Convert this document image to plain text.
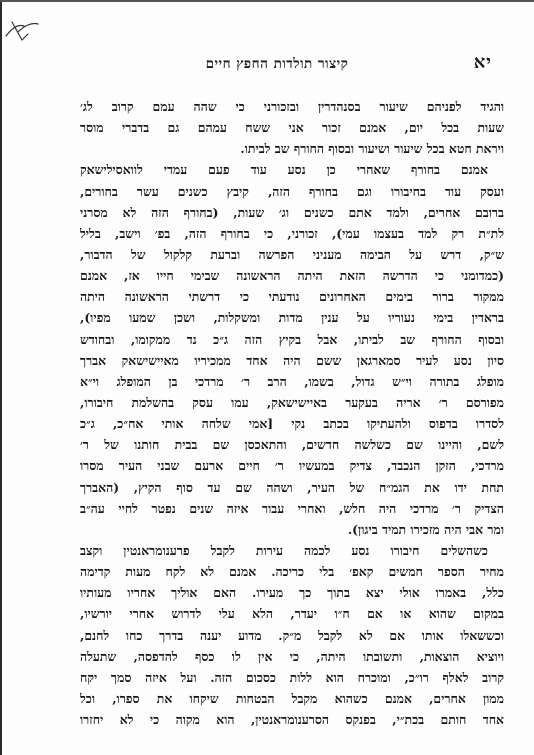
יא
קיצור תולדות החפץ חיים
והגיד לפניהם שיעור בסנהדרין ובזכורני כי שהה עמם קרוב לג׳
שעות בכל יום, אמנם זכור אני ששח עמהם גם בדברי מוסר
ויראת חטא בכל שיעור ושיעור ובסוף החורף שב לביתו.
אמנם בחורף שאחרי כן נסע עוד פעם עמדי לוואסילישאק
ועסק עוד בחיבורו וגם בחורף הזה, קיבץ כשנים עשר בחורים,
ברובם אחרים, ולמד אתם כשנים וג׳ שעות, (בחורף הזה לא מסרני
לת״ת רק למד בעצמו עמי), זכורני, כי בחורף הזה, בפ׳ וישב, בליל
ש״ק, דרש על הבימה מעניני הפרשה וברעת קלקול של הדבור,
(כמדומני כי הדרשה הזאת היתה הראשונה שבימי חייו אז, אמנם
ממקור ברור בימים האחרונים נודעתי כי דרשתי הראשונה היתה
בראדין בימי נעוריו על ענין מדות ומשקלות, ושכן שמעו מפיו),
ובסוף החורף שב לביתו, אבל בקיץ הזה ג״כ נד ממקומו, ובחודש
סיון נסע לעיר סמארגאן ששם היה אחד ממכיריו מאיישישאק אברך
מופלג בתורה וי״ש גדול, בשמו, הרב ר׳ מרדכי בן המופלג וי״א
מפורסם ר׳ אריה בעקער באיישישאק, עמו עסק בהשלמת חיבורו,
לסדרו בדפוס ולהעתיקו בכתב נקי [אמי שלחה אותי אח״כ, ג״כ
לשם, והיינו שם כשלשה חדשים, והתאכסן שם בבית חותנו של ר׳
מרדכי, הזקן הנכבד, צדיק במעשיו ר׳ חיים ארעם שבני העיר מסרו
תחת ידו את הגמ״ח של העיר, ושהה שם עד סוף הקיץ, (האברך
הצדיק ר׳ מרדכי היה חלש, ואחרי עבור איזה שנים נפטר לחיי עה״ב
ומר אבי היה מזכירו תמיד ביגון).
כשהשלים חיבורו נסע לכמה עירות לקבל פרענומראנטין וקצב
מחיר הספר חמשים קאפ׳ בלי כריכה. אמנם לא לקח מעות קדימה
כלל, באמרו אולי יצא בתוך כך מעירו. האם אוליך אחריו מעותיו
במקום שהוא או אם ח״ו יעדר, הלא עלי לדרוש אחרי יורשיו,
וכששאלו אותו אם לא לקבל מ״ק. מדוע יענה בדרך כחו לחנם,
ויוציא הוצאות, ותשובתו היתה, כי אין לו כסף להדפסה, שתעלה
קרוב לאלף רו״כ, ומוכרח הוא ללות כסכום הזה. ועל איזה סמך יקח
ממון אחרים, אמנם כשהוא מקבל הבטחות שיקחו את ספרו, וכל
אחד חותם בכת״י, בפנקס הסרענומראנטין, הוא מקוה כי לא יחזרו
